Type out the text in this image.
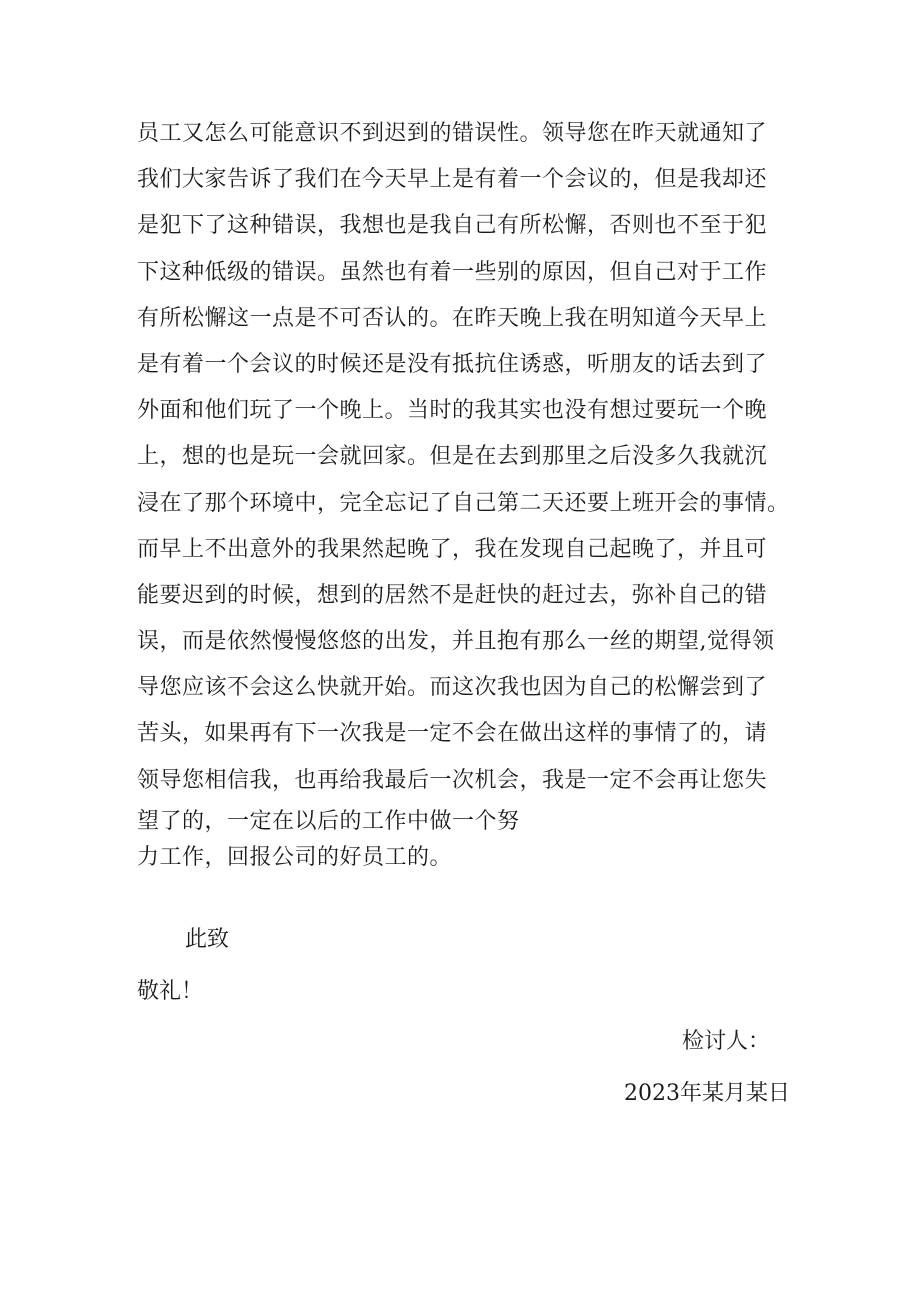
员工又怎么可能意识不到迟到的错误性。领导您在昨天就通知了
我们大家告诉了我们在今天早上是有着一个会议的，但是我却还
是犯下了这种错误，我想也是我自己有所松懈，否则也不至于犯
下这种低级的错误。虽然也有着一些别的原因，但自己对于工作
有所松懈这一点是不可否认的。在昨天晚上我在明知道今天早上
是有着一个会议的时候还是没有抵抗住诱惑，听朋友的话去到了
外面和他们玩了一个晚上。当时的我其实也没有想过要玩一个晚
上，想的也是玩一会就回家。但是在去到那里之后没多久我就沉
浸在了那个环境中，完全忘记了自己第二天还要上班开会的事情。
而早上不出意外的我果然起晚了，我在发现自己起晚了，并且可
能要迟到的时候，想到的居然不是赶快的赶过去，弥补自己的错
误，而是依然慢慢悠悠的出发，并且抱有那么一丝的期望,觉得领
导您应该不会这么快就开始。而这次我也因为自己的松懈尝到了
苦头，如果再有下一次我是一定不会在做出这样的事情了的，请
领导您相信我，也再给我最后一次机会，我是一定不会再让您失
望了的，一定在以后的工作中做一个努
力工作，回报公司的好员工的。
此致
敬礼！
检讨人：
2023年某月某日
